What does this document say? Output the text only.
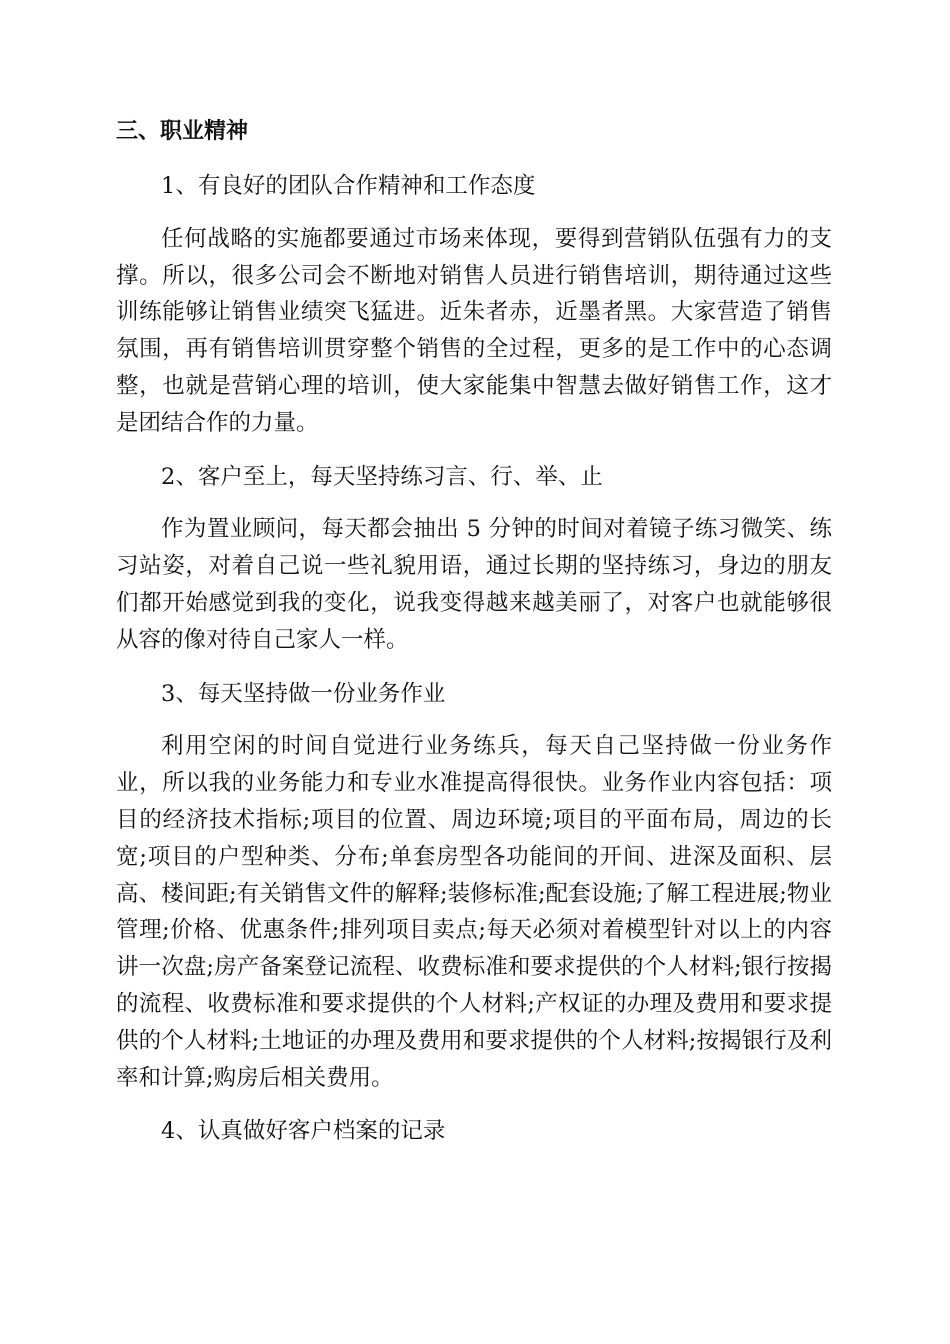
三、职业精神
1、有良好的团队合作精神和工作态度
任何战略的实施都要通过市场来体现，要得到营销队伍强有力的支撑。所以，很多公司会不断地对销售人员进行销售培训，期待通过这些训练能够让销售业绩突飞猛进。近朱者赤，近墨者黑。大家营造了销售氛围，再有销售培训贯穿整个销售的全过程，更多的是工作中的心态调整，也就是营销心理的培训，使大家能集中智慧去做好销售工作，这才是团结合作的力量。
2、客户至上，每天坚持练习言、行、举、止
作为置业顾问，每天都会抽出 5 分钟的时间对着镜子练习微笑、练习站姿，对着自己说一些礼貌用语，通过长期的坚持练习，身边的朋友们都开始感觉到我的变化，说我变得越来越美丽了，对客户也就能够很从容的像对待自己家人一样。
3、每天坚持做一份业务作业
利用空闲的时间自觉进行业务练兵，每天自己坚持做一份业务作业，所以我的业务能力和专业水准提高得很快。业务作业内容包括：项目的经济技术指标;项目的位置、周边环境;项目的平面布局，周边的长宽;项目的户型种类、分布;单套房型各功能间的开间、进深及面积、层高、楼间距;有关销售文件的解释;装修标准;配套设施;了解工程进展;物业管理;价格、优惠条件;排列项目卖点;每天必须对着模型针对以上的内容讲一次盘;房产备案登记流程、收费标准和要求提供的个人材料;银行按揭的流程、收费标准和要求提供的个人材料;产权证的办理及费用和要求提供的个人材料;土地证的办理及费用和要求提供的个人材料;按揭银行及利率和计算;购房后相关费用。
4、认真做好客户档案的记录
